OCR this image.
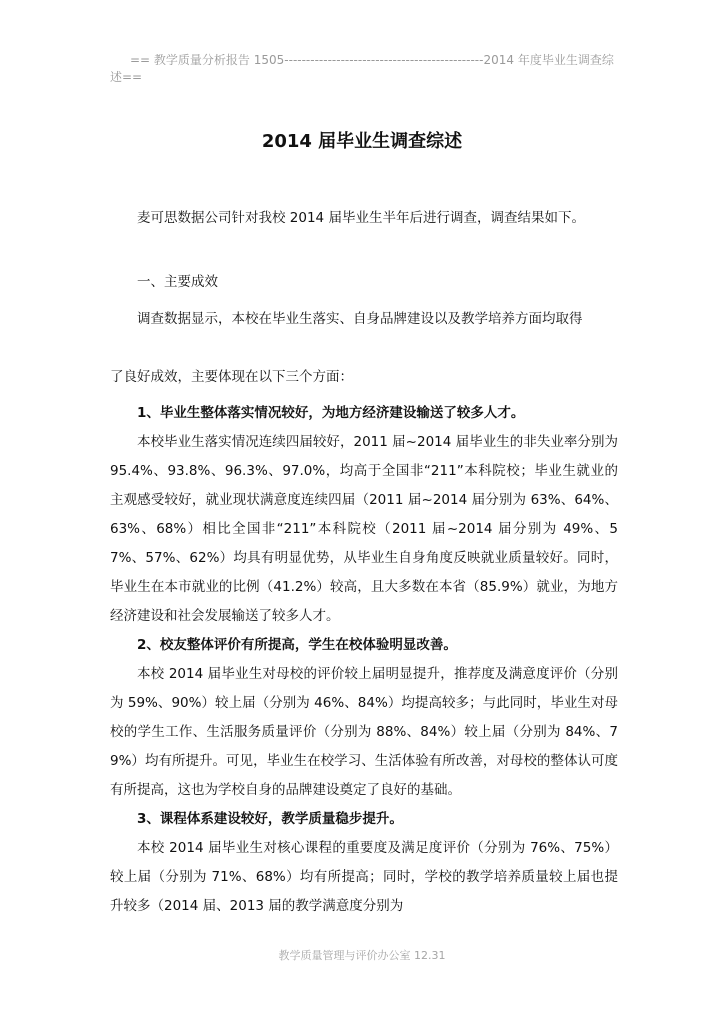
== 教学质量分析报告 1505----------------------------------------------2014 年度毕业生调查综述==
2014 届毕业生调查综述
麦可思数据公司针对我校 2014 届毕业生半年后进行调查，调查结果如下。
一、主要成效
调查数据显示，本校在毕业生落实、自身品牌建设以及教学培养方面均取得
了良好成效，主要体现在以下三个方面：
1、毕业生整体落实情况较好，为地方经济建设输送了较多人才。
本校毕业生落实情况连续四届较好，2011 届~2014 届毕业生的非失业率分别为 95.4%、93.8%、96.3%、97.0%，均高于全国非“211”本科院校；毕业生就业的主观感受较好，就业现状满意度连续四届（2011 届~2014 届分别为 63%、64%、63%、68%）相比全国非“211”本科院校（2011 届~2014 届分别为 49%、57%、57%、62%）均具有明显优势，从毕业生自身角度反映就业质量较好。同时，毕业生在本市就业的比例（41.2%）较高，且大多数在本省（85.9%）就业，为地方经济建设和社会发展输送了较多人才。
2、校友整体评价有所提高，学生在校体验明显改善。
本校 2014 届毕业生对母校的评价较上届明显提升，推荐度及满意度评价（分别为 59%、90%）较上届（分别为 46%、84%）均提高较多；与此同时，毕业生对母校的学生工作、生活服务质量评价（分别为 88%、84%）较上届（分别为 84%、79%）均有所提升。可见，毕业生在校学习、生活体验有所改善，对母校的整体认可度有所提高，这也为学校自身的品牌建设奠定了良好的基础。
3、课程体系建设较好，教学质量稳步提升。
本校 2014 届毕业生对核心课程的重要度及满足度评价（分别为 76%、75%）较上届（分别为 71%、68%）均有所提高；同时，学校的教学培养质量较上届也提升较多（2014 届、2013 届的教学满意度分别为
教学质量管理与评价办公室 12.31
